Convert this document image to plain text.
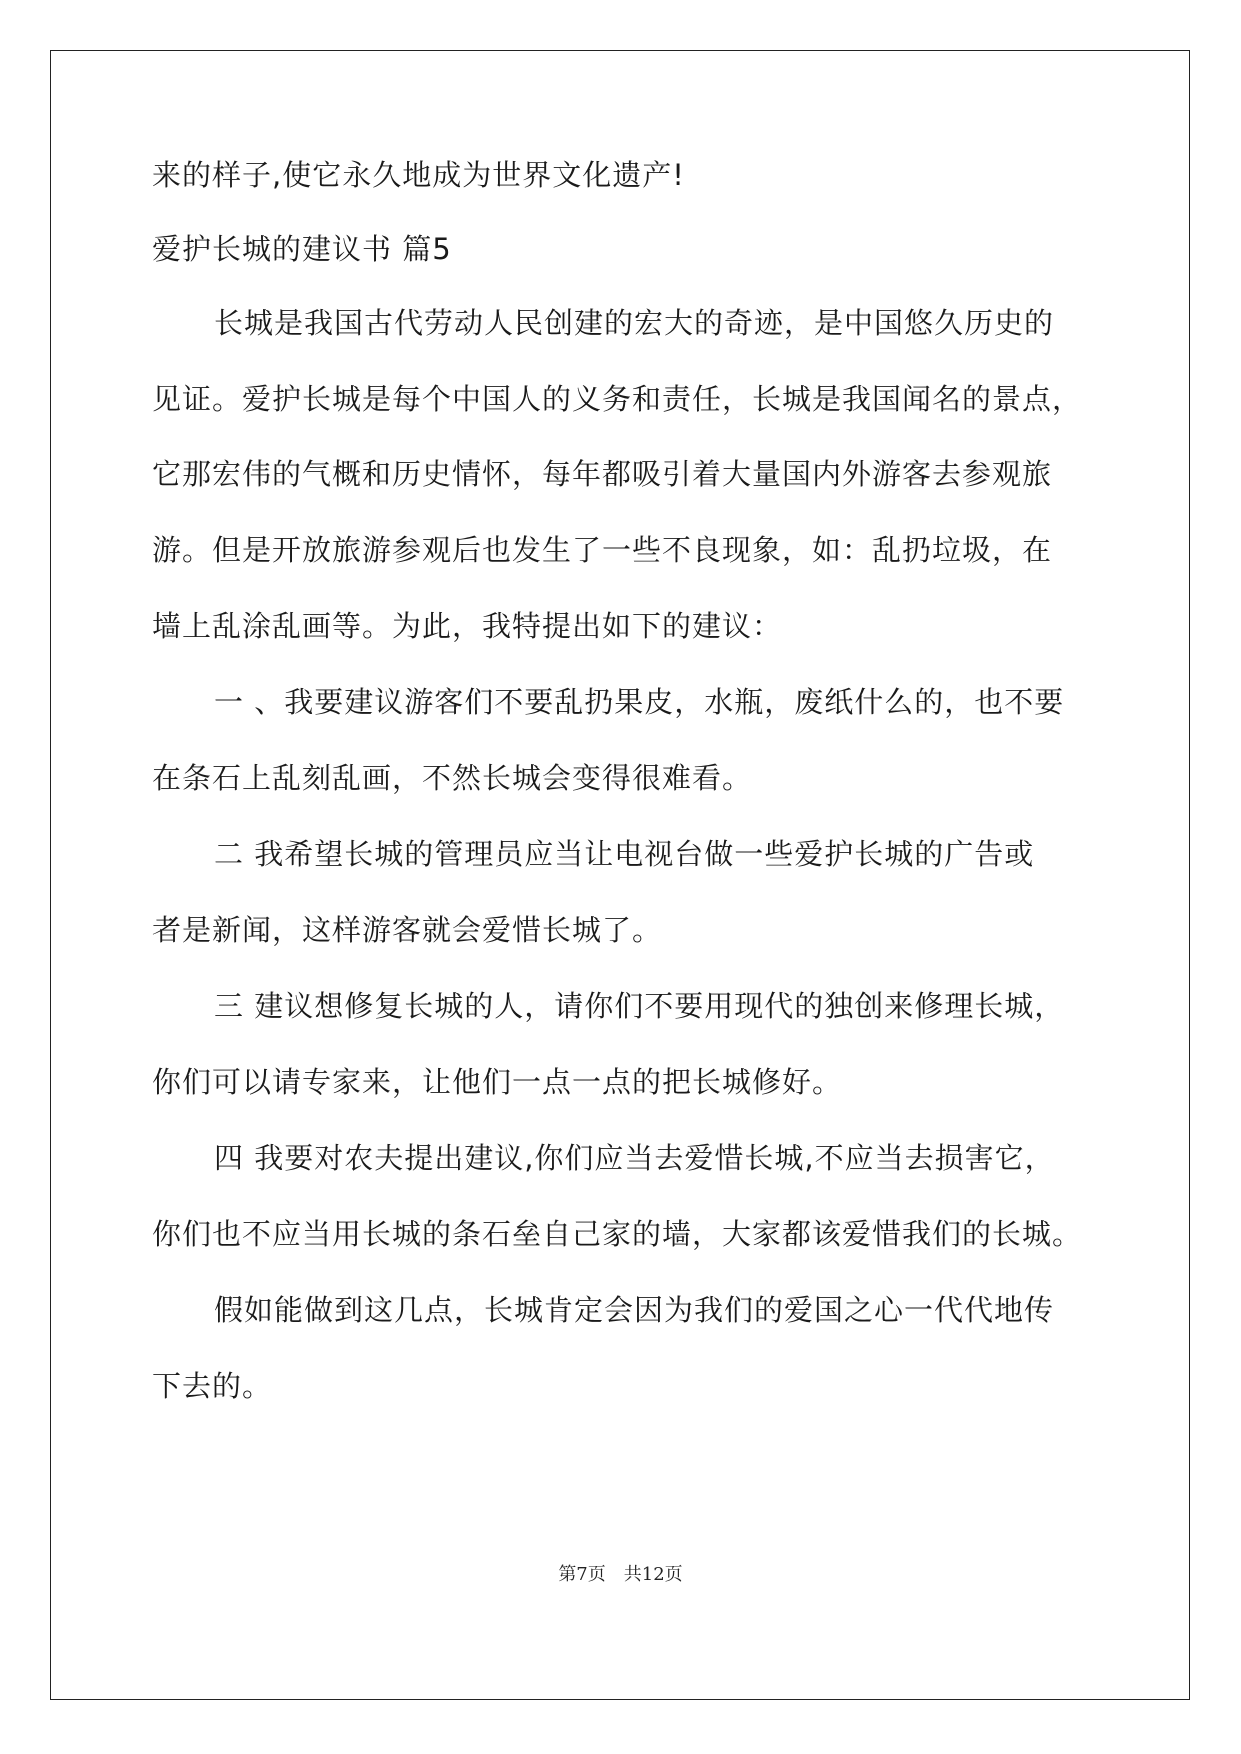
来的样子,使它永久地成为世界文化遗产!
爱护长城的建议书 篇5
长城是我国古代劳动人民创建的宏大的奇迹，是中国悠久历史的
见证。爱护长城是每个中国人的义务和责任，长城是我国闻名的景点，
它那宏伟的气概和历史情怀，每年都吸引着大量国内外游客去参观旅
游。但是开放旅游参观后也发生了一些不良现象，如：乱扔垃圾，在
墙上乱涂乱画等。为此，我特提出如下的建议：
一 、我要建议游客们不要乱扔果皮，水瓶，废纸什么的，也不要
在条石上乱刻乱画，不然长城会变得很难看。
二 我希望长城的管理员应当让电视台做一些爱护长城的广告或
者是新闻，这样游客就会爱惜长城了。
三 建议想修复长城的人，请你们不要用现代的独创来修理长城，
你们可以请专家来，让他们一点一点的把长城修好。
四 我要对农夫提出建议,你们应当去爱惜长城,不应当去损害它，
你们也不应当用长城的条石垒自己家的墙，大家都该爱惜我们的长城。
假如能做到这几点，长城肯定会因为我们的爱国之心一代代地传
下去的。
第7页　共12页
